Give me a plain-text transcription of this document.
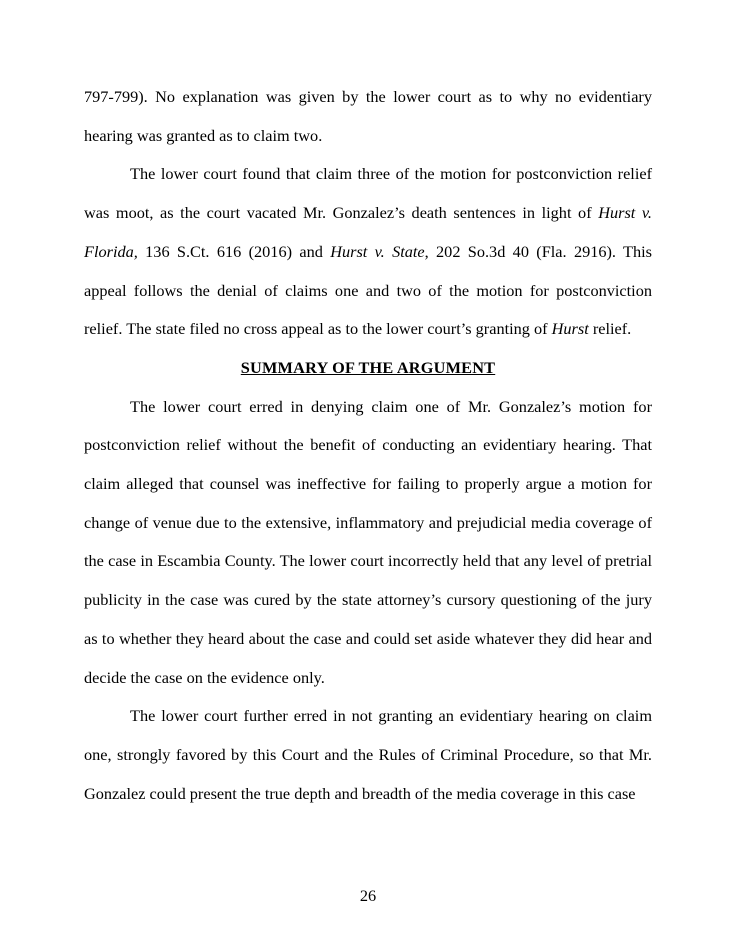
797-799). No explanation was given by the lower court as to why no evidentiary hearing was granted as to claim two.

The lower court found that claim three of the motion for postconviction relief was moot, as the court vacated Mr. Gonzalez’s death sentences in light of Hurst v. Florida, 136 S.Ct. 616 (2016) and Hurst v. State, 202 So.3d 40 (Fla. 2916). This appeal follows the denial of claims one and two of the motion for postconviction relief. The state filed no cross appeal as to the lower court’s granting of Hurst relief.

SUMMARY OF THE ARGUMENT

The lower court erred in denying claim one of Mr. Gonzalez’s motion for postconviction relief without the benefit of conducting an evidentiary hearing. That claim alleged that counsel was ineffective for failing to properly argue a motion for change of venue due to the extensive, inflammatory and prejudicial media coverage of the case in Escambia County. The lower court incorrectly held that any level of pretrial publicity in the case was cured by the state attorney’s cursory questioning of the jury as to whether they heard about the case and could set aside whatever they did hear and decide the case on the evidence only.

The lower court further erred in not granting an evidentiary hearing on claim one, strongly favored by this Court and the Rules of Criminal Procedure, so that Mr. Gonzalez could present the true depth and breadth of the media coverage in this case

26
